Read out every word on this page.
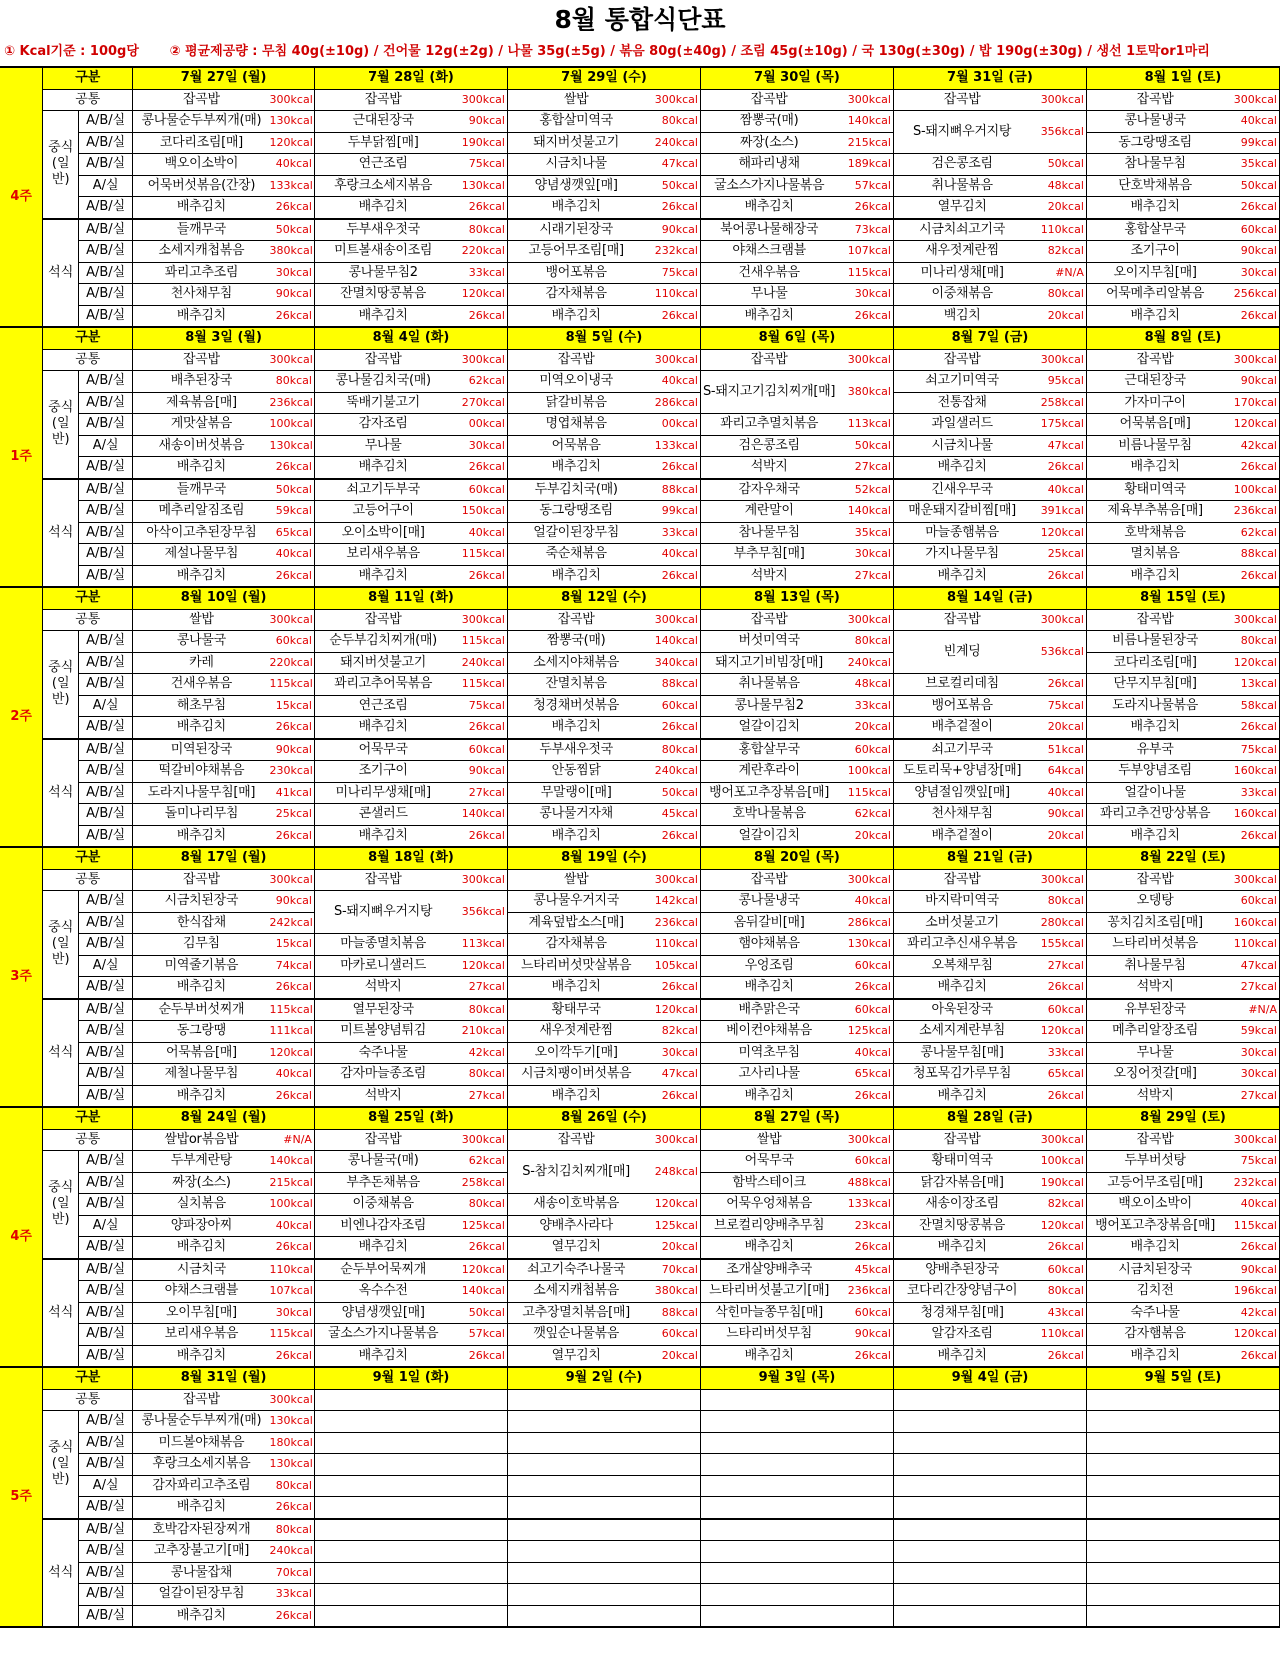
8월 통합식단표
① Kcal기준 : 100g당 ② 평균제공량 : 무침 40g(±10g) / 건어물 12g(±2g) / 나물 35g(±5g) / 볶음 80g(±40g) / 조림 45g(±10g) / 국 130g(±30g) / 밥 190g(±30g) / 생선 1토막or1마리
4주	구분		7월 27일 (월)		7월 28일 (화)		7월 29일 (수)		7월 30일 (목)		7월 31일 (금)		8월 1일 (토)	
	공통		잡곡밥	300kcal	잡곡밥	300kcal	쌀밥	300kcal	잡곡밥	300kcal	잡곡밥	300kcal	잡곡밥	300kcal
	중식(일반)	A/B/실	콩나물순두부찌개(매)	130kcal	근대된장국	90kcal	홍합살미역국	80kcal	짬뽕국(매)	140kcal	S-돼지뼈우거지탕	356kcal	콩나물냉국	40kcal
		A/B/실	코다리조림[매]	120kcal	두부닭찜[매]	190kcal	돼지버섯불고기	240kcal	짜장(소스)	215kcal			동그랑땡조림	99kcal
		A/B/실	백오이소박이	40kcal	연근조림	75kcal	시금치나물	47kcal	해파리냉채	189kcal	검은콩조림	50kcal	참나물무침	35kcal
		A/실	어묵버섯볶음(간장)	133kcal	후랑크소세지볶음	130kcal	양념생깻잎[매]	50kcal	굴소스가지나물볶음	57kcal	취나물볶음	48kcal	단호박채볶음	50kcal
		A/B/실	배추김치	26kcal	배추김치	26kcal	배추김치	26kcal	배추김치	26kcal	열무김치	20kcal	배추김치	26kcal
	석식	A/B/실	들깨무국	50kcal	두부새우젓국	80kcal	시래기된장국	90kcal	북어콩나물해장국	73kcal	시금치쇠고기국	110kcal	홍합살무국	60kcal
		A/B/실	소세지캐첩볶음	380kcal	미트볼새송이조림	220kcal	고등어무조림[매]	232kcal	야채스크램블	107kcal	새우젓계란찜	82kcal	조기구이	90kcal
		A/B/실	꽈리고추조림	30kcal	콩나물무침2	33kcal	뱅어포볶음	75kcal	건새우볶음	115kcal	미나리생채[매]	#N/A	오이지무침[매]	30kcal
		A/B/실	천사채무침	90kcal	잔멸치땅콩볶음	120kcal	감자채볶음	110kcal	무나물	30kcal	이중채볶음	80kcal	어묵메추리알볶음	256kcal
		A/B/실	배추김치	26kcal	배추김치	26kcal	배추김치	26kcal	배추김치	26kcal	백김치	20kcal	배추김치	26kcal
1주	구분		8월 3일 (월)		8월 4일 (화)		8월 5일 (수)		8월 6일 (목)		8월 7일 (금)		8월 8일 (토)	
	공통		잡곡밥	300kcal	잡곡밥	300kcal	잡곡밥	300kcal	잡곡밥	300kcal	잡곡밥	300kcal	잡곡밥	300kcal
	중식(일반)	A/B/실	배추된장국	80kcal	콩나물김치국(매)	62kcal	미역오이냉국	40kcal	S-돼지고기김치찌개[매]	380kcal	쇠고기미역국	95kcal	근대된장국	90kcal
		A/B/실	제육볶음[매]	236kcal	뚝배기불고기	270kcal	닭갈비볶음	286kcal			전통잡채	258kcal	가자미구이	170kcal
		A/B/실	게맛살볶음	100kcal	감자조림	00kcal	명엽채볶음	00kcal	꽈리고추멸치볶음	113kcal	과일샐러드	175kcal	어묵볶음[매]	120kcal
		A/실	새송이버섯볶음	130kcal	무나물	30kcal	어묵볶음	133kcal	검은콩조림	50kcal	시금치나물	47kcal	비름나물무침	42kcal
		A/B/실	배추김치	26kcal	배추김치	26kcal	배추김치	26kcal	석박지	27kcal	배추김치	26kcal	배추김치	26kcal
	석식	A/B/실	들깨무국	50kcal	쇠고기두부국	60kcal	두부김치국(매)	88kcal	감자우채국	52kcal	긴새우무국	40kcal	황태미역국	100kcal
		A/B/실	메추리알짐조림	59kcal	고등어구이	150kcal	동그랑땡조림	99kcal	계란말이	140kcal	매운돼지갈비찜[매]	391kcal	제육부추볶음[매]	236kcal
		A/B/실	아삭이고추된장무침	65kcal	오이소박이[매]	40kcal	얼갈이된장무침	33kcal	참나물무침	35kcal	마늘종햄볶음	120kcal	호박채볶음	62kcal
		A/B/실	제설나물무침	40kcal	보리새우볶음	115kcal	죽순채볶음	40kcal	부추무침[매]	30kcal	가지나물무침	25kcal	멸치볶음	88kcal
		A/B/실	배추김치	26kcal	배추김치	26kcal	배추김치	26kcal	석박지	27kcal	배추김치	26kcal	배추김치	26kcal
2주	구분		8월 10일 (월)		8월 11일 (화)		8월 12일 (수)		8월 13일 (목)		8월 14일 (금)		8월 15일 (토)	
	공통		쌀밥	300kcal	잡곡밥	300kcal	잡곡밥	300kcal	잡곡밥	300kcal	잡곡밥	300kcal	잡곡밥	300kcal
	중식(일반)	A/B/실	콩나물국	60kcal	순두부김치찌개(매)	115kcal	짬뽕국(매)	140kcal	버섯미역국	80kcal	빈계딩	536kcal	비름나물된장국	80kcal
		A/B/실	카레	220kcal	돼지버섯불고기	240kcal	소세지야채볶음	340kcal	돼지고기비빔장[매]	240kcal			코다리조림[매]	120kcal
		A/B/실	건새우볶음	115kcal	꽈리고추어묵볶음	115kcal	잔멸치볶음	88kcal	취나물볶음	48kcal	브로컬리데침	26kcal	단무지무침[매]	13kcal
		A/실	해초무침	15kcal	연근조림	75kcal	청경채버섯볶음	60kcal	콩나물무침2	33kcal	뱅어포볶음	75kcal	도라지나물볶음	58kcal
		A/B/실	배추김치	26kcal	배추김치	26kcal	배추김치	26kcal	얼갈이김치	20kcal	배추겉절이	20kcal	배추김치	26kcal
	석식	A/B/실	미역된장국	90kcal	어묵무국	60kcal	두부새우젓국	80kcal	홍합살무국	60kcal	쇠고기무국	51kcal	유부국	75kcal
		A/B/실	떡갈비야채볶음	230kcal	조기구이	90kcal	안동찜닭	240kcal	계란후라이	100kcal	도토리묵+양념장[매]	64kcal	두부양념조림	160kcal
		A/B/실	도라지나물무침[매]	41kcal	미나리무생채[매]	27kcal	무말랭이[매]	50kcal	뱅어포고추장볶음[매]	115kcal	양념절임깻잎[매]	40kcal	얼갈이나물	33kcal
		A/B/실	돌미나리무침	25kcal	콘샐러드	140kcal	콩나물거자채	45kcal	호박나물볶음	62kcal	천사채무침	90kcal	꽈리고추건망상볶음	160kcal
		A/B/실	배추김치	26kcal	배추김치	26kcal	배추김치	26kcal	얼갈이김치	20kcal	배추겉절이	20kcal	배추김치	26kcal
3주	구분		8월 17일 (월)		8월 18일 (화)		8월 19일 (수)		8월 20일 (목)		8월 21일 (금)		8월 22일 (토)	
	공통		잡곡밥	300kcal	잡곡밥	300kcal	쌀밥	300kcal	잡곡밥	300kcal	잡곡밥	300kcal	잡곡밥	300kcal
	중식(일반)	A/B/실	시금치된장국	90kcal	S-돼지뼈우거지탕	356kcal	콩나물우거지국	142kcal	콩나물냉국	40kcal	바지락미역국	80kcal	오뎅탕	60kcal
		A/B/실	한식잡채	242kcal			계육덮밥소스[매]	236kcal	옴뒤갈비[매]	286kcal	소버섯불고기	280kcal	꽁치김치조림[매]	160kcal
		A/B/실	김무침	15kcal	마늘종멸치볶음	113kcal	감자채볶음	110kcal	햄야채볶음	130kcal	꽈리고추신새우볶음	155kcal	느타리버섯볶음	110kcal
		A/실	미역줄기볶음	74kcal	마카로니샐러드	120kcal	느타리버섯맛살볶음	105kcal	우엉조림	60kcal	오복채무침	27kcal	취나물무침	47kcal
		A/B/실	배추김치	26kcal	석박지	27kcal	배추김치	26kcal	배추김치	26kcal	배추김치	26kcal	석박지	27kcal
	석식	A/B/실	순두부버섯찌개	115kcal	열무된장국	80kcal	황태무국	120kcal	배추맑은국	60kcal	아욱된장국	60kcal	유부된장국	#N/A
		A/B/실	동그랑땡	111kcal	미트볼양념튀김	210kcal	새우젓계란찜	82kcal	베이컨야채볶음	125kcal	소세지계란부침	120kcal	메추리알장조림	59kcal
		A/B/실	어묵볶음[매]	120kcal	숙주나물	42kcal	오이깍두기[매]	30kcal	미역초무침	40kcal	콩나물무침[매]	33kcal	무나물	30kcal
		A/B/실	제철나물무침	40kcal	감자마늘종조림	80kcal	시금치팽이버섯볶음	47kcal	고사리나물	65kcal	청포묵김가루무침	65kcal	오징어젓갈[매]	30kcal
		A/B/실	배추김치	26kcal	석박지	27kcal	배추김치	26kcal	배추김치	26kcal	배추김치	26kcal	석박지	27kcal
4주	구분		8월 24일 (월)		8월 25일 (화)		8월 26일 (수)		8월 27일 (목)		8월 28일 (금)		8월 29일 (토)	
	공통		쌀밥or볶음밥	#N/A	잡곡밥	300kcal	잡곡밥	300kcal	쌀밥	300kcal	잡곡밥	300kcal	잡곡밥	300kcal
	중식(일반)	A/B/실	두부계란탕	140kcal	콩나물국(매)	62kcal	S-참치김치찌개[매]	248kcal	어묵무국	60kcal	황태미역국	100kcal	두부버섯탕	75kcal
		A/B/실	짜장(소스)	215kcal	부추돈채볶음	258kcal			함박스테이크	488kcal	닭감자볶음[매]	190kcal	고등어무조림[매]	232kcal
		A/B/실	실치볶음	100kcal	이중채볶음	80kcal	새송이호박볶음	120kcal	어묵우엉채볶음	133kcal	새송이장조림	82kcal	백오이소박이	40kcal
		A/실	양파장아찌	40kcal	비엔나감자조림	125kcal	양배추사라다	125kcal	브로컬리양배추무침	23kcal	잔멸치땅콩볶음	120kcal	뱅어포고추장볶음[매]	115kcal
		A/B/실	배추김치	26kcal	배추김치	26kcal	열무김치	20kcal	배추김치	26kcal	배추김치	26kcal	배추김치	26kcal
	석식	A/B/실	시금치국	110kcal	순두부어묵찌개	120kcal	쇠고기숙주나물국	70kcal	조개살양배추국	45kcal	양배추된장국	60kcal	시금치된장국	90kcal
		A/B/실	야채스크램블	107kcal	옥수수전	140kcal	소세지캐첩볶음	380kcal	느타리버섯불고기[매]	236kcal	코다리간장양념구이	80kcal	김치전	196kcal
		A/B/실	오이무침[매]	30kcal	양념생깻잎[매]	50kcal	고추장멸치볶음[매]	88kcal	삭힌마늘쫑무침[매]	60kcal	청경채무침[매]	43kcal	숙주나물	42kcal
		A/B/실	보리새우볶음	115kcal	굴소스가지나물볶음	57kcal	깻잎순나물볶음	60kcal	느타리버섯무침	90kcal	알감자조림	110kcal	감자햄볶음	120kcal
		A/B/실	배추김치	26kcal	배추김치	26kcal	열무김치	20kcal	배추김치	26kcal	배추김치	26kcal	배추김치	26kcal
5주	구분		8월 31일 (월)		9월 1일 (화)		9월 2일 (수)		9월 3일 (목)		9월 4일 (금)		9월 5일 (토)	
	공통		잡곡밥	300kcal										
	중식(일반)	A/B/실	콩나물순두부찌개(매)	130kcal										
		A/B/실	미드볼야채볶음	180kcal										
		A/B/실	후랑크소세지볶음	130kcal										
		A/실	감자꽈리고추조림	80kcal										
		A/B/실	배추김치	26kcal										
	석식	A/B/실	호박감자된장찌개	80kcal										
		A/B/실	고추장불고기[매]	240kcal										
		A/B/실	콩나물잡채	70kcal										
		A/B/실	얼갈이된장무침	33kcal										
		A/B/실	배추김치	26kcal										
